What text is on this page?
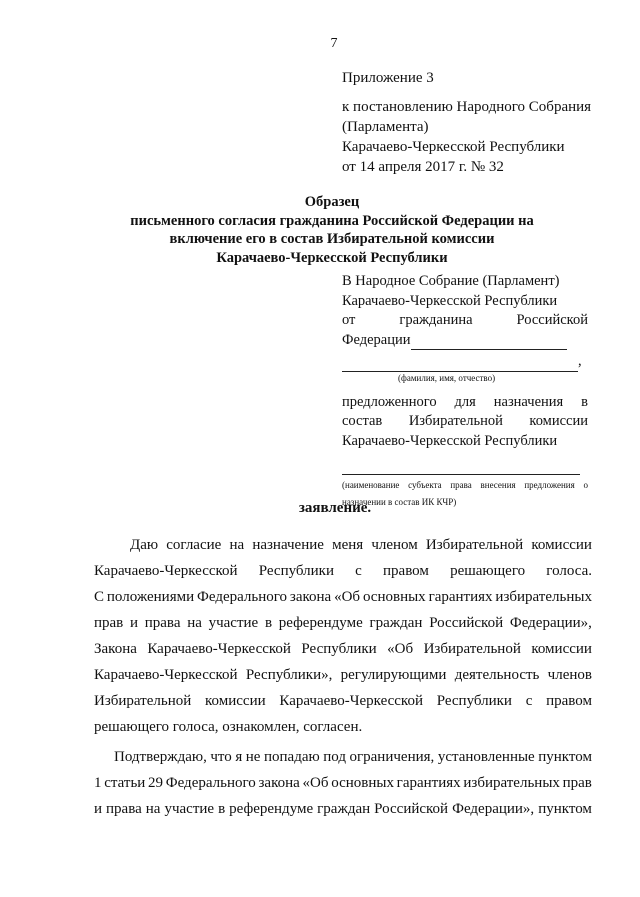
7
Приложение 3
к постановлению Народного Собрания
(Парламента)
Карачаево-Черкесской Республики
от 14 апреля 2017 г. № 32
Образец
письменного согласия гражданина Российской Федерации на
включение его в состав Избирательной комиссии
Карачаево-Черкесской Республики
В Народное Собрание (Парламент)
Карачаево-Черкесской Республики
от	гражданина	Российской
Федерации
,
(фамилия, имя, отчество)
предложенного для назначения в
состав Избирательной комиссии
Карачаево-Черкесской Республики
(наименование субъекта права внесения предложения о
назначении в состав ИК КЧР)
заявление.
Даю согласие на назначение меня членом Избирательной комиссии
Карачаево-Черкесской Республики с правом решающего голоса.
С положениями Федерального закона «Об основных гарантиях избирательных
прав и права на участие в референдуме граждан Российской Федерации»,
Закона Карачаево-Черкесской Республики «Об Избирательной комиссии
Карачаево-Черкесской Республики», регулирующими деятельность членов
Избирательной комиссии Карачаево-Черкесской Республики с правом
решающего голоса, ознакомлен, согласен.
Подтверждаю, что я не попадаю под ограничения, установленные пунктом
1 статьи 29 Федерального закона «Об основных гарантиях избирательных прав
и права на участие в референдуме граждан Российской Федерации», пунктом
